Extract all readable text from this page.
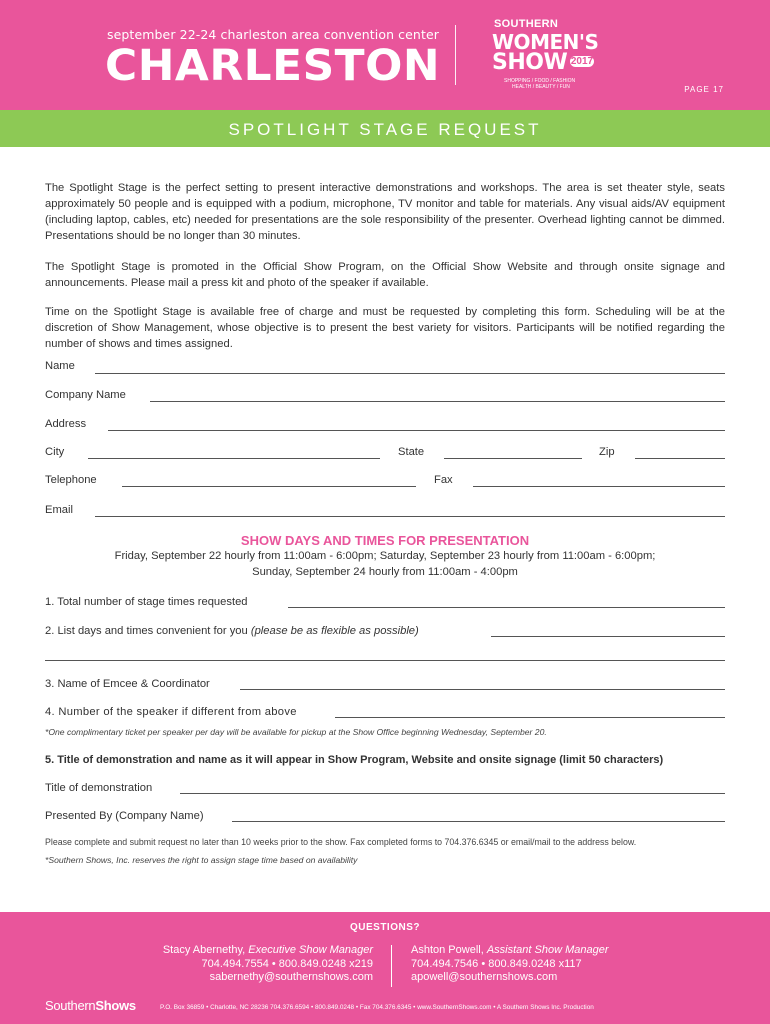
september 22-24 charleston area convention center
CHARLESTON
SOUTHERN
WOMEN'S
SHOW 2017
SHOPPING / FOOD / FASHION
HEALTH / BEAUTY / FUN	PAGE 17
SPOTLIGHT STAGE REQUEST
The Spotlight Stage is the perfect setting to present interactive demonstrations and workshops. The area is set theater style, seats approximately 50 people and is equipped with a podium, microphone, TV monitor and table for materials. Any visual aids/AV equipment (including laptop, cables, etc) needed for presentations are the sole responsibility of the presenter. Overhead lighting cannot be dimmed. Presentations should be no longer than 30 minutes.
The Spotlight Stage is promoted in the Official Show Program, on the Official Show Website and through onsite signage and announcements. Please mail a press kit and photo of the speaker if available.
Time on the Spotlight Stage is available free of charge and must be requested by completing this form. Scheduling will be at the discretion of Show Management, whose objective is to present the best variety for visitors. Participants will be notified regarding the number of shows and times assigned.
Name
Company Name
Address
City	State	Zip
Telephone	Fax
Email
SHOW DAYS AND TIMES FOR PRESENTATION
Friday, September 22 hourly from 11:00am - 6:00pm; Saturday, September 23 hourly from 11:00am - 6:00pm;
Sunday, September 24 hourly from 11:00am - 4:00pm
1. Total number of stage times requested
2. List days and times convenient for you (please be as flexible as possible)
3. Name of Emcee & Coordinator
4. Number of the speaker if different from above
*One complimentary ticket per speaker per day will be available for pickup at the Show Office beginning Wednesday, September 20.
5. Title of demonstration and name as it will appear in Show Program, Website and onsite signage (limit 50 characters)
Title of demonstration
Presented By (Company Name)
Please complete and submit request no later than 10 weeks prior to the show. Fax completed forms to 704.376.6345 or email/mail to the address below.
*Southern Shows, Inc. reserves the right to assign stage time based on availability
QUESTIONS?
Stacy Abernethy, Executive Show Manager
704.494.7554 • 800.849.0248 x219
sabernethy@southernshows.com
Ashton Powell, Assistant Show Manager
704.494.7546 • 800.849.0248 x117
apowell@southernshows.com
SouthernShows	P.O. Box 36859 • Charlotte, NC 28236 704.376.6594 • 800.849.0248 • Fax 704.376.6345 • www.SouthernShows.com • A Southern Shows Inc. Production
